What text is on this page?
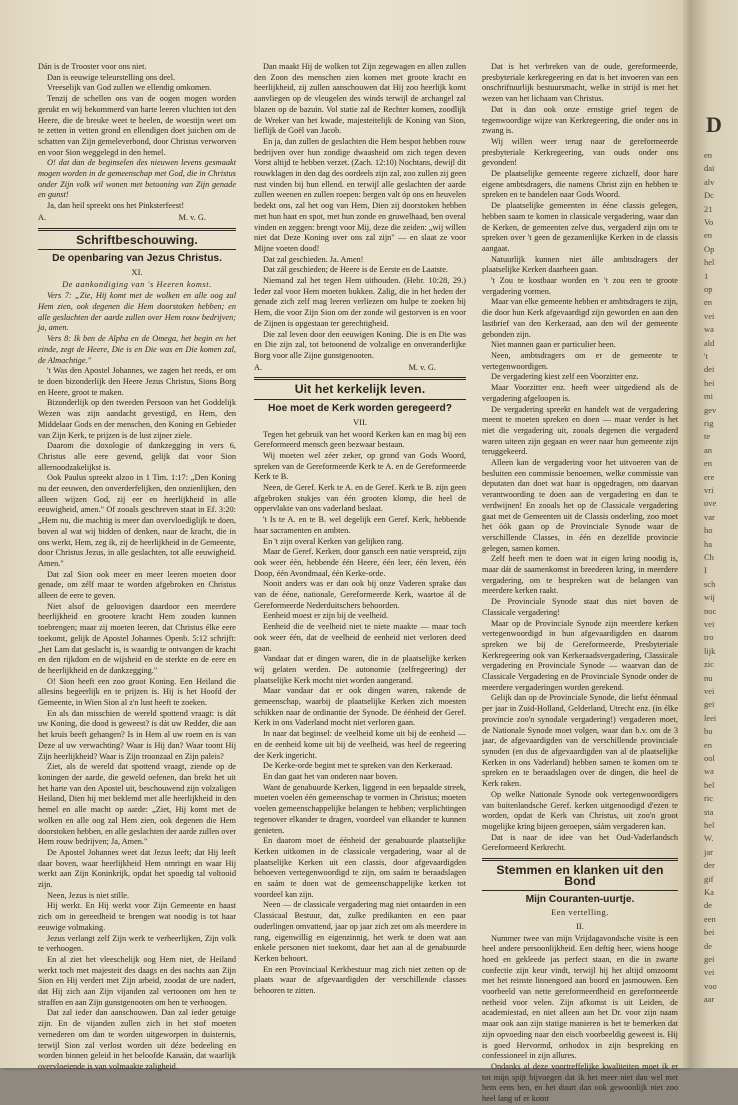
Dán is de Trooster voor ons niet.

Dan is eeuwige teleurstelling ons deel.

Vreeselijk van God zullen we ellendig omkomen.

Tenzij de schellen ons van de oogen mogen worden gerukt en wij bekommerd van harte leeren vluchten tot den Heere, die de breuke weet te heelen, de woestijn weet om te zetten in vetten grond en ellendigen doet juichen om de schatten van Zijn gemeleverbond, door Christus verworven en voor Sion weggelegd in den hemel.

O! dat dan de beginselen des nieuwen levens gesmaakt mogen worden in de gemeenschap met God, die in Christus onder Zijn volk wil wonen met betooning van Zijn genade en gunst!

Ja, dan heil spreekt ons het Pinksterfeest!

A.	M. v. G.
Schriftbeschouwing.
De openbaring van Jezus Christus.
XI.
De aankondiging van 's Heeren komst.

Vers 7: „Zie, Hij komt met de wolken en alle oog zal Hem zien, ook degenen die Hem doorstoken hebben; en alle geslachten der aarde zullen over Hem rouw bedrijven; ja, amen.

Vers 8: Ik ben de Alpha en de Omega, het begin en het einde, zegt de Heere, Die is en Die was en Die komen zal, de Almachtige."

't Was den Apostel Johannes, we zagen het reeds, er om te doen bizonderlijk den Heere Jezus Christus, Sions Borg en Heere, groot te maken.

Bizonderlijk op den tweeden Persoon van het Goddelijk Wezen was zijn aandacht gevestigd, en Hem, den Middelaar Gods en der menschen, den Koning en Gebieder van Zijn Kerk, te prijzen is de lust zijner ziele.

Daarom die doxologie of dankzegging in vers 6, Christus alle eere gevend, gelijk dat voor Sion allernoodzakelijkst is.

Ook Paulus spreekt alzoo in 1 Tim. 1:17: „Den Koning nu der eeuwen, den onverderfelijken, den onzienlijken, den alleen wijzen God, zij eer en heerlijkheid in alle eeuwigheid, amen." Of zooals geschreven staat in Ef. 3:20: „Hem nu, die machtig is meer dan overvloediglijk te doen, boven al wat wij bidden of denken, naar de kracht, die in ons werkt, Hem, zeg ik, zij de heerlijkheid in de Gemeente, door Christus Jezus, in alle geslachten, tot alle eeuwigheid. Amen."

Dat zal Sion ook meer en meer leeren moeten door genade, om zélf maar te worden afgebroken en Christus alleen de eere te geven.

Niet alsof de geloovigen daardoor een meerdere heerlijkheid en grootere kracht Hem zouden kunnen toebrengen; maar zij moeten leeren, dat Christus élke eere toekomt, gelijk de Apostel Johannes Openb. 5:12 schrijft: „het Lam dat geslacht is, is waardig te ontvangen de kracht en den rijkdom en de wijsheid en de sterkte en de eere en de heerlijkheid en de dankzegging."

O! Sion heeft een zoo groot Koning. Een Heiland die allesins begeerlijk en te prijzen is. Hij is het Hoofd der Gemeente, in Wien Sion al z'n lust heeft te zoeken.

En als dan misschien de wereld spottend vraagt: is dát uw Koning, die dood is geweest? is dát uw Redder, die aan het kruis beeft gehangen? Is in Hem al uw roem en is van Deze al uw verwachting? Waar is Hij dan? Waar toont Hij Zijn heerlijkheid? Waar is Zijn troonzaal en Zijn paleis?

Ziet, als de wereld dat spottend vraagt, ziende op de koningen der aarde, die geweld oefenen, dan brekt het uit het harte van den Apostel uit, beschouwend zijn volzaligen Heiland, Dien hij met beklemd met alle heerlijkheid in den hemel en alle macht op aarde: „Ziet, Hij komt met de wolken en alle oog zal Hem zien, ook degenen die Hem doorstoken hebben, en alle geslachten der aarde zullen over Hem rouw bedrijven; Ja, Amen."

De Apostel Johannes weet dat Jezus leeft; dat Hij leeft daar boven, waar heerlijkheid Hem omringt en waar Hij werkt aan Zijn Koninkrijk, opdat het spoedig tal voltooid zijn.

Neen, Jezus is niet stille.

Hij werkt. En Hij werkt voor Zijn Gemeente en haast zich om in gereedheid te brengen wat noodig is tot haar eeuwige volmaking.

Jezus verlangt zelf Zijn werk te verheerlijken, Zijn volk te verhoogen.

En al ziet het vleeschelijk oog Hem niet, de Heiland werkt toch met majesteit des daags en des nachts aan Zijn Sion en Hij verdert met Zijn arbeid, zoodat de ure nadert, dat Hij zich aan Zijn vijanden zal vertoonen om hen te straffen en aan Zijn gunstgenooten om hen te verhoogen.

Dat zal ieder dan aanschouwen. Dan zal ieder getuige zijn. En de vijanden zullen zich in het stof moeten vernederen om dan te worden uitgeworpen in duisternis, terwijl Sion zal verlost worden uit déze bedeeling en worden binnen geleid in het beloofde Kanaän, dat waarlijk overvloeiende is van volmaakte zaligheid.

Dan maakt Hij de wolken tot Zijn zegewagen en allen zullen den Zoon des menschen zien komen met groote kracht en heerlijkheid, zij zullen aanschouwen dat Hij zoo heerlijk komt aanvliegen op de vleugelen des winds terwijl de archangel zal blazen op de bazuin. Vol statie zal de Rechter komen, zoodlijk de Wreker van het kwade, majesteitelijk de Koning van Sion, lieflijk de Goël van Jacob.

En ja, dan zullen de geslachten die Hem bespot hebben rouw bedrijven over hun zondige dwaasheid om zich tegen deven Vorst altijd te hebben verzet. (Zach. 12:10) Nochtans, dewijl dit rouwklagen in den dag des oordeels zijn zal, zoo zullen zij geen rust vinden bij hun ellend. en terwijl alle geslachten der aarde zullen weenen en zullen roepen: bergen valt óp ons en heuvelen bedekt ons, zal het oog van Hem, Dien zij doorstoken hebben met hun haat en spot, met hun zonde en gruwelhaad, ben overal vinden en zeggen: brengt voor Mij, deze die zeiden: „wij willen niet dat Deze Koning over ons zal zijn" — en slaat ze voor Mijne voeten dood!

Dat zal geschieden. Ja. Amen!

Dat zál geschieden; de Heere is de Eerste en de Laatste.

Niemand zal het tegen Hem uithouden. (Hebr. 10:28, 29.) Ieder zal voor Hem moeten bukken. Zalig, die in het heden der genade zich zelf mag leeren verliezen om hulpe te zoeken bij Hem, die voor Zijn Sion om der zonde wil gestorven is en voor de Zijnen is opgestaan ter gerechtigheid.

Die zal leven door den eeuwigen Koning. Die is en Die was en Die zijn zal, tot betoonend de volzalige en onveranderlijke Borg voor alle Zijne gunstgenooten.

A.	M. v. G.
Uit het kerkelijk leven.
Hoe moet de Kerk worden geregeerd?
VII.

Tegen het gebruik van het woord Kerken kan en mag bij een Gereformeerd mensch geen bezwaar bestaan.

Wij moeten wel zéer zeker, op grond van Gods Woord, spreken van de Gereformeerde Kerk te A. en de Gereformeerde Kerk te B.

Neen, de Geref. Kerk te A. en de Geref. Kerk te B. zijn geen afgebroken stukjes van één grooten klomp, die heel de oppervlakte van ons vaderland beslaat.

't Is te A. en te B. wel degelijk een Geref. Kerk, hebbende haar sacramenten en ambten.

En 't zijn overal Kerken van gelijken rang.

Maar de Geref. Kerken, door gansch een natie verspreid, zijn ook weer één, hebbende één Heere, één leer, één leven, één Doop, één Avondmaal, één Kerke-orde.

Nooit anders was er dan ook bij onze Vaderen sprake dan van de ééne, nationale, Gereformeerde Kerk, waartoe ál de Gereformeerde Nederduitschers behoorden.

Eenheid moest er zijn bij de veelheid.

Eenheid die de veelheid niet te niete maakte — maar toch ook weer één, dat de veelheid de eenheid niet verloren deed gaan.

Vandaar dat er dingen waren, die in de plaatselijke kerken wíj gelaten werden. De autonomie (zelfregeering) der plaatselijke Kerk mocht niet worden aangerand.

Maar vandaar dat er ook dingen waren, rakende de gemeenschap, waarbij de plaatselijke Kerken zich moesten schikken naar de ordinantie der Synode. De éénheid der Geref. Kerk in ons Vaderland mocht niet verloren gaan.

In naar dat beginsel: de veelheid kome uit bij de eenheid — en de eenheid kome uit bij de veelheid, was heel de regeering der Kerk ingericht.

De Kerke-orde begint met te spreken van den Kerkeraad.

En dan gaat het van onderen naar boven.

Want de genabuurde Kerken, liggend in een bepaalde streek, moeten voelen één gemeenschap te vormen in Christus; moeten voelen gemeenschappelijke belangen te hebben; verplichtingen tegenover elkander te dragen, voordeel van elkander te kunnen genieten.

En daarom moet de éénheid der genabuurde plaatselijke Kerken uitkomen in de classicale vergadering, waar al de plaatselijke Kerken uit een classis, door afgevaardigden behoeven vertegenwoordigd te zijn, om saám te beraadslagen en saám te doen wat de gemeenschappelijke kerken tot voordeel kan zijn.

Neen — de classicale vergadering mag niet ontaarden in een Classicaal Bestuur, dat, zulke predikanten en een paar ouderlingen omvattend, jaar op jaar zich zet om als meerdere in rang, eigenwillig en eigenzinnig, het werk te doen wat aan enkele personen niet toekomt, daar het aan al de genabuurde Kerken behoort.

En een Provinciaal Kerkbestuur mag zich niet zetten op de plaats waar de afgevaardigden der verschillende classes behooren te zitten.

Dat is het verbreken van de oude, gereformeerde, presbyteriale kerkregeering en dat is het invoeren van een onschriftuurlijk bestuursmacht, welke in strijd is met het wezen van het lichaam van Christus.

Dat is dan ook onze ernstige grief tegen de tegenwoordige wijze van Kerkregeering, die onder ons in zwang is.

Wij willen weer terug naar de gereformeerde presbyteriale Kerkregeering, van ouds onder ons gevonden!

De plaatselijke gemeente regeere zichzelf, door hare eigene ambtsdragers, die namens Christ zijn en hebben te spreken en te handelen naar Gods Woord.

De plaatselijke gemeenten in ééne classis gelegen, hebben saam te komen in classicale vergadering, waar dan de Kerken, de gemeenten zelve dus, vergaderd zijn om te spreken over 't geen de gezamenlijke Kerken in de classis aangaat.

Natuurlijk kunnen niet álle ambtsdragers der plaatselijke Kerken daarheen gaan.

't Zou te kostbaar worden en 't zou een te groote vergadering vormen.

Maar van elke gemeente hebben er ambtsdragers te zijn, die door hun Kerk afgevaardigd zijn geworden en aan den lastbrief van den Kerkeraad, aan den wil der gemeente gebonden zijn.

Niet mannen gaan er particulier heen.

Neen, ambtsdragers om er de gemeente te vertegenwoordigen.

De vergadering kiest zelf een Voorzitter enz.

Maar Voorzitter enz. heeft weer uitgediend als de vergadering afgeloopen is.

De vergadering spreekt en handelt wat de vergadering meent te moeten spreken en doen — maar verder is het niet die vergadering uit, zooals degenen die vergaderd waren uiteen zijn gegaan en weer naar hun gemeente zijn teruggekeerd.

Alleen kan de vergadering voor het uitvoeren van de besluiten een commissie benoemen, welke commissie van deputaten dan doet wat haar is opgedragen, om daarvan verantwoording te doen aan de vergadering en dan te verdwijnen! En zooals het op de Classicale vergadering gaat met de Gemeenten uit de Classis onderling, zoo moet het óók gaan op de Provinciale Synode waar de verschillende Classes, in één en dezelfde provincie gelegen, samen komen.

Zelf heeft men te doen wat in eigen kring noodig is, maar dát de saamenkomst in breederen kring, in meerdere vergadering, om te bespreken wat de belangen van meerdere kerken raakt.

De Provinciale Synode staat dus niet boven de Classicale vergadering!

Maar op de Provinciale Synode zijn meerdere kerken vertegenwoordigd in hun afgevaardigden en daarom spreken we bij de Gereformeerde, Presbyteriale Kerkregeering ook van Kerkeraadsvergadering, Classicale vergadering en Provinciale Synode — waarvan dan de Classicale Vergadering en de Provinciale Synode onder de meerdere vergaderingen worden gerekend.

Gelijk dan op de Provinciale Synode, die liefst éénmaal per jaar in Zuid-Holland, Gelderland, Utrecht enz. (in élke provincie zoo'n synodale vergadering!) vergaderen moet, de Nationale Synode moet volgen, waar dan b.v. om de 3 jaar, de afgevaardigden van de verschillende provinciale synoden (en dus de afgevaardigden van al de plaatselijke Kerken in ons Vaderland) hebben samen te komen om te spreken en te beraadslagen over de dingen, die heel de Kerk raken.

Op welke Nationale Synode ook vertegenwoordigers van buitenlandsche Geref. kerken uitgenoodigd d'ezen te worden, opdat de Kerk van Christus, uit zoo'n groot mogelijke kring bijeen geroepen, sáám vergaderen kan.

Dat is naar de idee van het Oud-Vaderlandsch Gereformeerd Kerkrecht.

Stemmen en klanken uit den Bond
Mijn Couranten-uurtje.
Een vertelling.
II.

Nummer twee van mijn Vrijdagavondsche visite is een heel andere persoonlijkheid. Een deftig heer, wiens hooge hoed en gekleede jas perfect staan, en die in zwarte confectie zijn keur vindt, terwijl hij het altijd omzoomt met het reinste linnengoed aan boord en jasmouwen. Een voorbeeld van nette gereformeerdheid en gereformeerde netheid voor velen. Zijn afkomst is uit Leiden, de academiestad, en niet alleen aan het Dr. voor zijn naam maar ook aan zijn statige manieren is het te bemerken dat zijn opvoeding naar den eisch voorbeeldig geweest is. Hij is goed Hervormd, orthodox in zijn bespreking en confessioneel in zijn allures.

Ondanks al deze voortreffelijke kwaliteiten moet ik er tot mijn spijt bijvoegen dat ik het meer niet dan wel met hem eens ben, en het duurt dan ook gewoonlijk niet zoo heel lang of er komt

D
en
dai
alv
Dc
21
Vo
en
Op
hel
1
op
en
vei
wa
ald
't
dei
hei
mi
gev
rig
te
an
en
ere
vri
ove
var
ho
ha
Ch
I
sch
wij
noc
vei
tro
lijk
zic
nu
vei
gei
leei
bu
en
ool
wa
bel
ric
sta
hel
W.
jar
der
gif
Ka
de
een
bei
de
gei
vei
voo
aar
